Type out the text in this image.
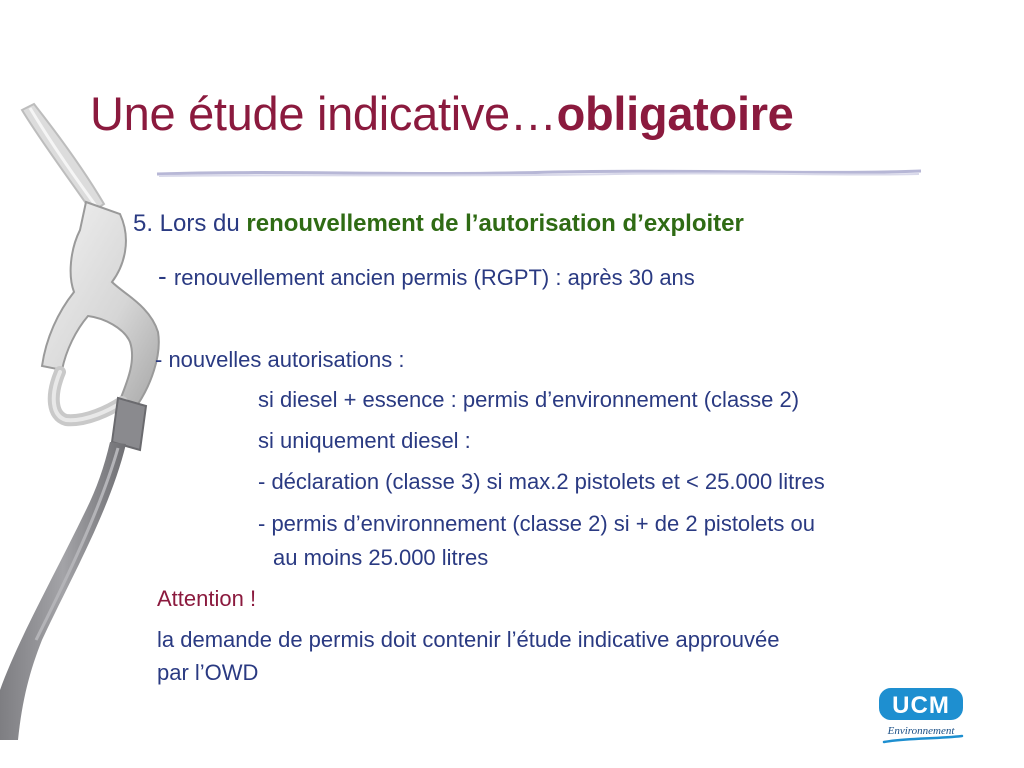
Une étude indicative…obligatoire

5. Lors du renouvellement de l’autorisation d’exploiter

- renouvellement ancien permis (RGPT) : après 30 ans

- nouvelles autorisations :

si diesel + essence : permis d’environnement (classe 2)

si uniquement diesel :

- déclaration (classe 3) si max.2 pistolets et < 25.000 litres

- permis d’environnement (classe 2) si + de 2 pistolets ou

au moins 25.000 litres

Attention !

la demande de permis doit contenir l’étude indicative approuvée

par l’OWD

UCM
Environnement
